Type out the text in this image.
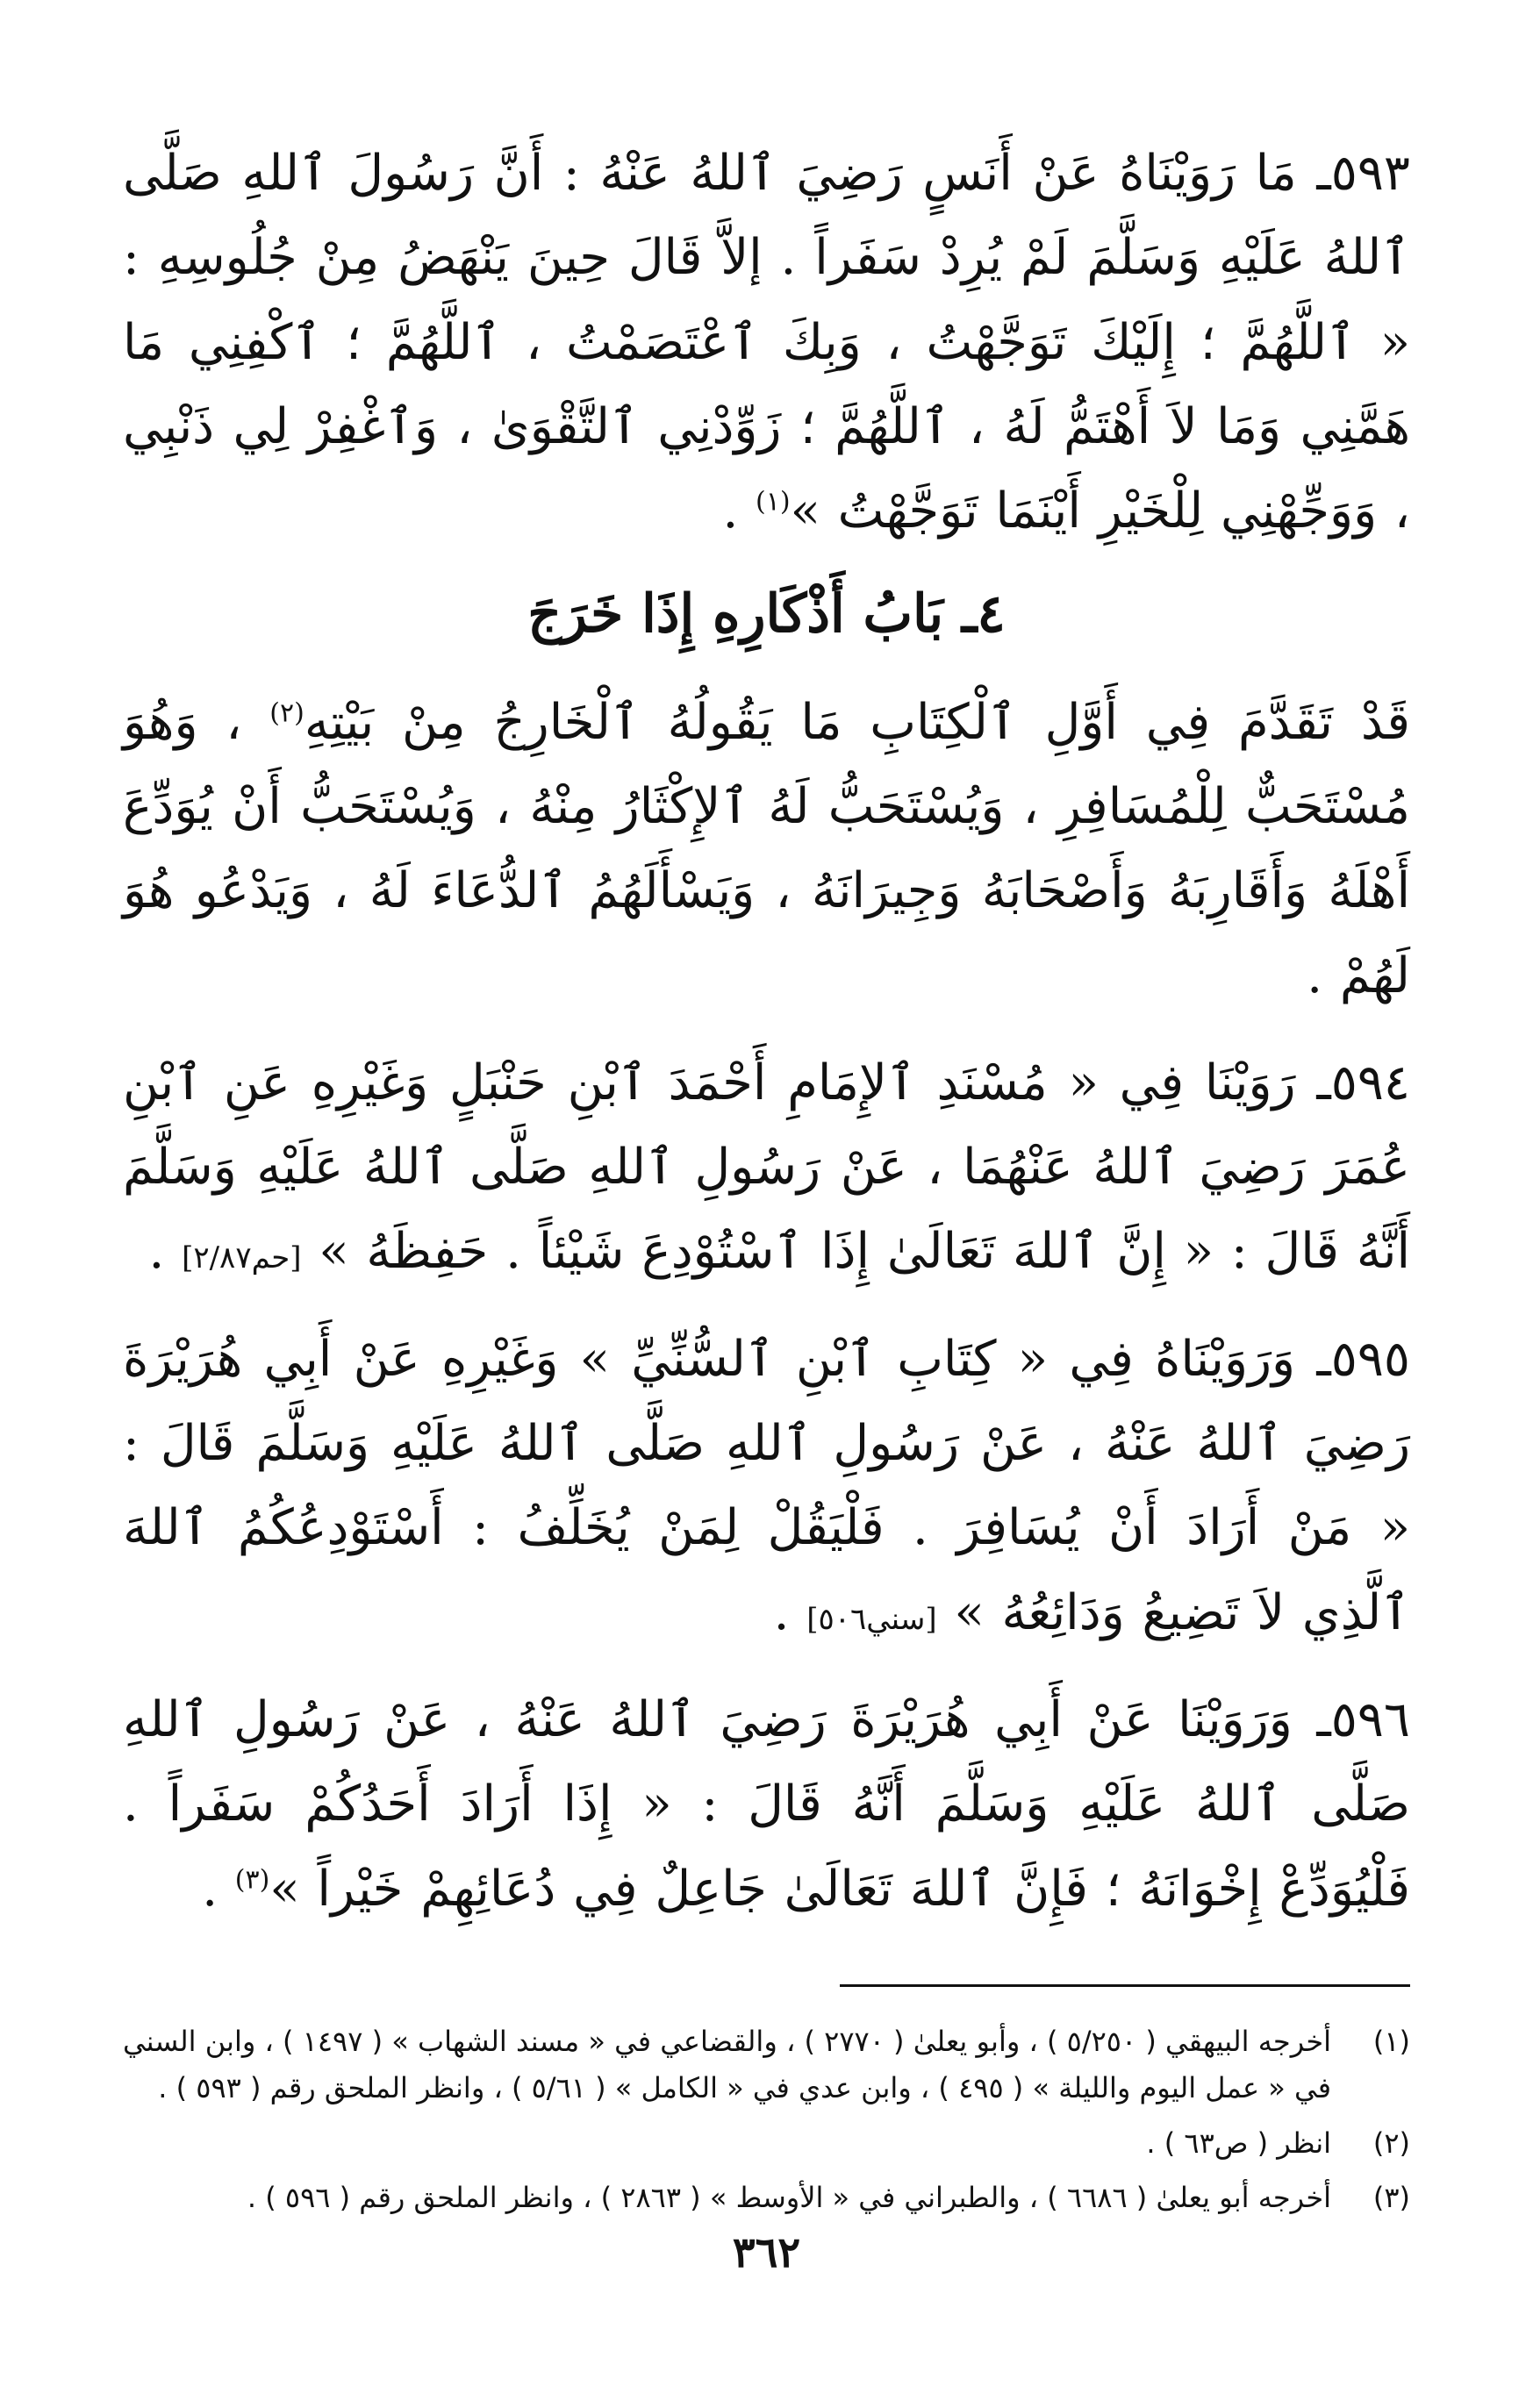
٥٩٣ـ مَا رَوَيْنَاهُ عَنْ أَنَسٍ رَضِيَ ٱللهُ عَنْهُ : أَنَّ رَسُولَ ٱللهِ صَلَّى ٱللهُ عَلَيْهِ وَسَلَّمَ لَمْ يُرِدْ سَفَراً . إلاَّ قَالَ حِينَ يَنْهَضُ مِنْ جُلُوسِهِ : « ٱللَّهُمَّ ؛ إِلَيْكَ تَوَجَّهْتُ ، وَبِكَ ٱعْتَصَمْتُ ، ٱللَّهُمَّ ؛ ٱكْفِنِي مَا هَمَّنِي وَمَا لاَ أَهْتَمُّ لَهُ ، ٱللَّهُمَّ ؛ زَوِّدْنِي ٱلتَّقْوَىٰ ، وَٱغْفِرْ لِي ذَنْبِي ، وَوَجِّهْنِي لِلْخَيْرِ أَيْنَمَا تَوَجَّهْتُ »$^{(١)}$ .

٤ـ بَابُ أَذْكَارِهِ إِذَا خَرَجَ

قَدْ تَقَدَّمَ فِي أَوَّلِ ٱلْكِتَابِ مَا يَقُولُهُ ٱلْخَارِجُ مِنْ بَيْتِهِ$^{(٢)}$ ، وَهُوَ مُسْتَحَبٌّ لِلْمُسَافِرِ ، وَيُسْتَحَبُّ لَهُ ٱلإِكْثَارُ مِنْهُ ، وَيُسْتَحَبُّ أَنْ يُوَدِّعَ أَهْلَهُ وَأَقَارِبَهُ وَأَصْحَابَهُ وَجِيرَانَهُ ، وَيَسْأَلَهُمُ ٱلدُّعَاءَ لَهُ ، وَيَدْعُو هُوَ لَهُمْ .

٥٩٤ـ رَوَيْنَا فِي « مُسْنَدِ ٱلإِمَامِ أَحْمَدَ ٱبْنِ حَنْبَلٍ وَغَيْرِهِ عَنِ ٱبْنِ عُمَرَ رَضِيَ ٱللهُ عَنْهُمَا ، عَنْ رَسُولِ ٱللهِ صَلَّى ٱللهُ عَلَيْهِ وَسَلَّمَ أَنَّهُ قَالَ : « إِنَّ ٱللهَ تَعَالَىٰ إِذَا ٱسْتُوْدِعَ شَيْئاً . حَفِظَهُ » [حم٢/٨٧] .

٥٩٥ـ وَرَوَيْنَاهُ فِي « كِتَابِ ٱبْنِ ٱلسُّنِّيِّ » وَغَيْرِهِ عَنْ أَبِي هُرَيْرَةَ رَضِيَ ٱللهُ عَنْهُ ، عَنْ رَسُولِ ٱللهِ صَلَّى ٱللهُ عَلَيْهِ وَسَلَّمَ قَالَ : « مَنْ أَرَادَ أَنْ يُسَافِرَ . فَلْيَقُلْ لِمَنْ يُخَلِّفُ : أَسْتَوْدِعُكُمُ ٱللهَ ٱلَّذِي لاَ تَضِيعُ وَدَائِعُهُ » [سني٥٠٦] .

٥٩٦ـ وَرَوَيْنَا عَنْ أَبِي هُرَيْرَةَ رَضِيَ ٱللهُ عَنْهُ ، عَنْ رَسُولِ ٱللهِ صَلَّى ٱللهُ عَلَيْهِ وَسَلَّمَ أَنَّهُ قَالَ : « إِذَا أَرَادَ أَحَدُكُمْ سَفَراً . فَلْيُوَدِّعْ إِخْوَانَهُ ؛ فَإِنَّ ٱللهَ تَعَالَىٰ جَاعِلٌ فِي دُعَائِهِمْ خَيْراً »$^{(٣)}$ .

(١)
أخرجه البيهقي ( ٥/٢٥٠ ) ، وأبو يعلىٰ ( ٢٧٧٠ ) ، والقضاعي في « مسند الشهاب » ( ١٤٩٧ ) ، وابن السني في « عمل اليوم والليلة » ( ٤٩٥ ) ، وابن عدي في « الكامل » ( ٥/٦١ ) ، وانظر الملحق رقم ( ٥٩٣ ) .
(٢)
انظر ( ص٦٣ ) .
(٣)
أخرجه أبو يعلىٰ ( ٦٦٨٦ ) ، والطبراني في « الأوسط » ( ٢٨٦٣ ) ، وانظر الملحق رقم ( ٥٩٦ ) .
٣٦٢
